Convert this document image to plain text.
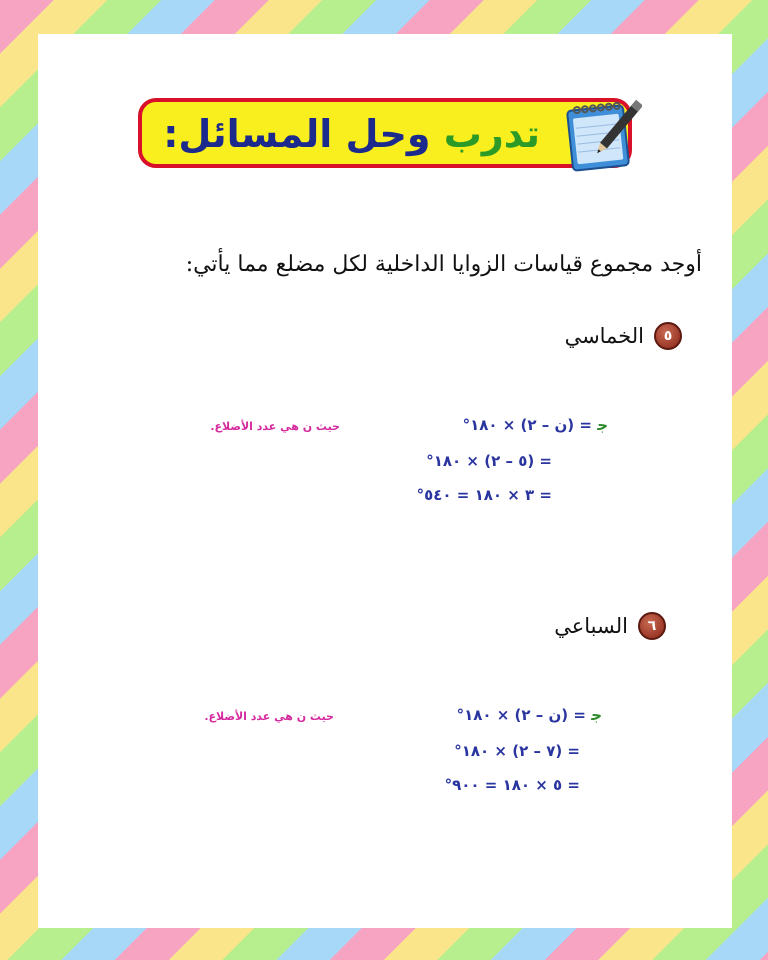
تدرب وحل المسائل:
أوجد مجموع قياسات الزوايا الداخلية لكل مضلع مما يأتي:
٥
الخماسي
ﺟ = (ن – ٢) × ١٨٠°
حيث ن هي عدد الأضلاع.
= (٥ – ٢) × ١٨٠°
= ٣ × ١٨٠ = ٥٤٠°
٦
السباعي
ﺟ = (ن – ٢) × ١٨٠°
حيث ن هي عدد الأضلاع.
= (٧ – ٢) × ١٨٠°
= ٥ × ١٨٠ = ٩٠٠°
